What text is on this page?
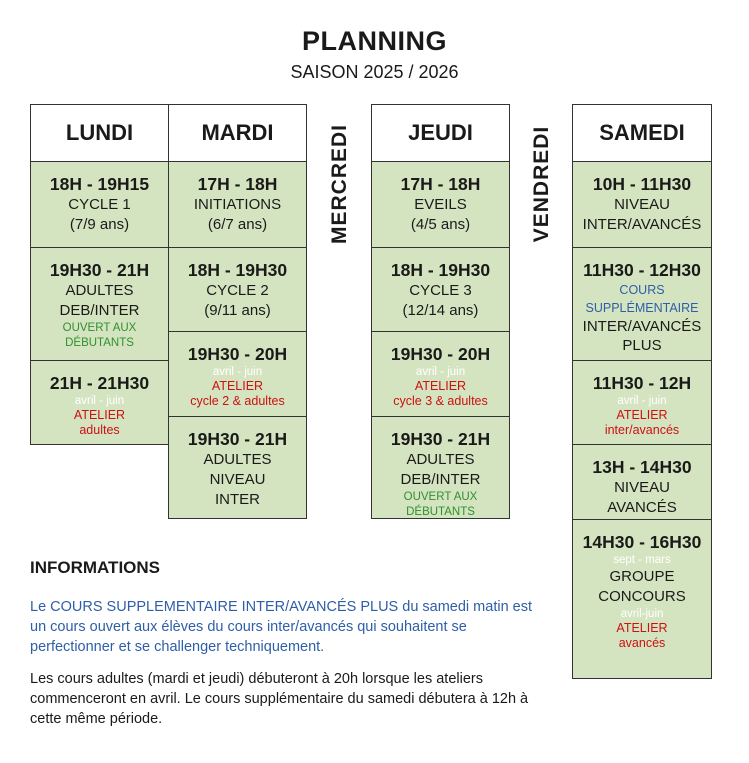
PLANNING
SAISON 2025 / 2026
LUNDI
18H - 19H15
CYCLE 1
(7/9 ans)
19H30 - 21H
ADULTES
DEB/INTER
OUVERT AUX
DÉBUTANTS
21H - 21H30
avril - juin
ATELIER
adultes
MARDI
17H - 18H
INITIATIONS
(6/7 ans)
18H - 19H30
CYCLE 2
(9/11 ans)
19H30 - 20H
avril - juin
ATELIER
cycle 2 & adultes
19H30 - 21H
ADULTES
NIVEAU
INTER
MERCREDI	JEUDI
17H - 18H
EVEILS
(4/5 ans)
18H - 19H30
CYCLE 3
(12/14 ans)
19H30 - 20H
avril - juin
ATELIER
cycle 3 & adultes
19H30 - 21H
ADULTES
DEB/INTER
OUVERT AUX
DÉBUTANTS
VENDREDI	SAMEDI
10H - 11H30
NIVEAU
INTER/AVANCÉS
11H30 - 12H30
COURS
SUPPLÉMENTAIRE
INTER/AVANCÉS
PLUS
11H30 - 12H
avril - juin
ATELIER
inter/avancés
13H - 14H30
NIVEAU
AVANCÉS
14H30 - 16H30
sept - mars
GROUPE
CONCOURS
avril-juin
ATELIER
avancés
INFORMATIONS
Le COURS SUPPLEMENTAIRE INTER/AVANCÉS PLUS du samedi matin est un cours ouvert aux élèves du cours inter/avancés qui souhaitent se perfectionner et se challenger techniquement.
Les cours adultes (mardi et jeudi) débuteront à 20h lorsque les ateliers commenceront en avril. Le cours supplémentaire du samedi débutera à 12h à cette même période.
